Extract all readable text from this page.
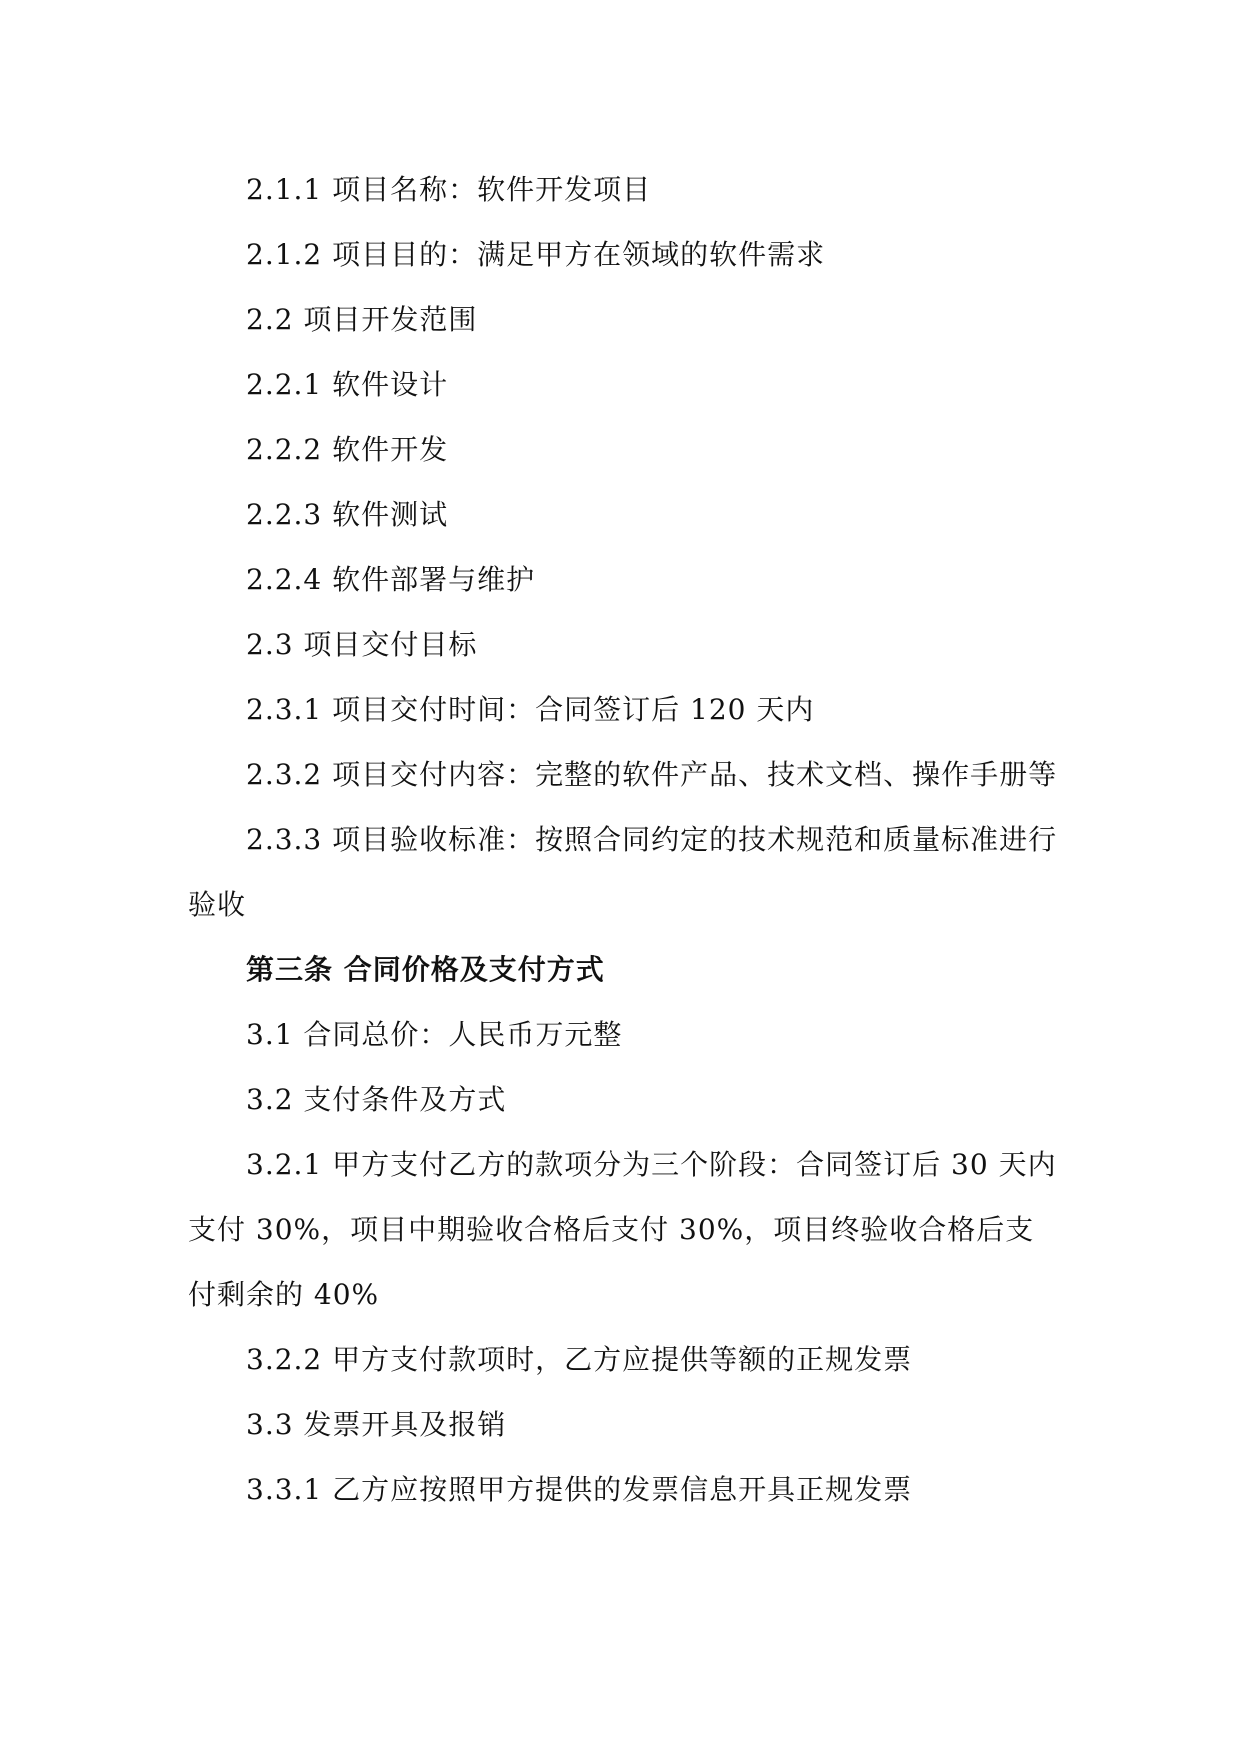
2.1.1 项目名称：软件开发项目

2.1.2 项目目的：满足甲方在领域的软件需求

2.2 项目开发范围

2.2.1 软件设计

2.2.2 软件开发

2.2.3 软件测试

2.2.4 软件部署与维护

2.3 项目交付目标

2.3.1 项目交付时间：合同签订后 120 天内

2.3.2 项目交付内容：完整的软件产品、技术文档、操作手册等

2.3.3 项目验收标准：按照合同约定的技术规范和质量标准进行验收

第三条 合同价格及支付方式

3.1 合同总价：人民币万元整

3.2 支付条件及方式

3.2.1 甲方支付乙方的款项分为三个阶段：合同签订后 30 天内支付 30%，项目中期验收合格后支付 30%，项目终验收合格后支付剩余的 40%

3.2.2 甲方支付款项时，乙方应提供等额的正规发票

3.3 发票开具及报销

3.3.1 乙方应按照甲方提供的发票信息开具正规发票
